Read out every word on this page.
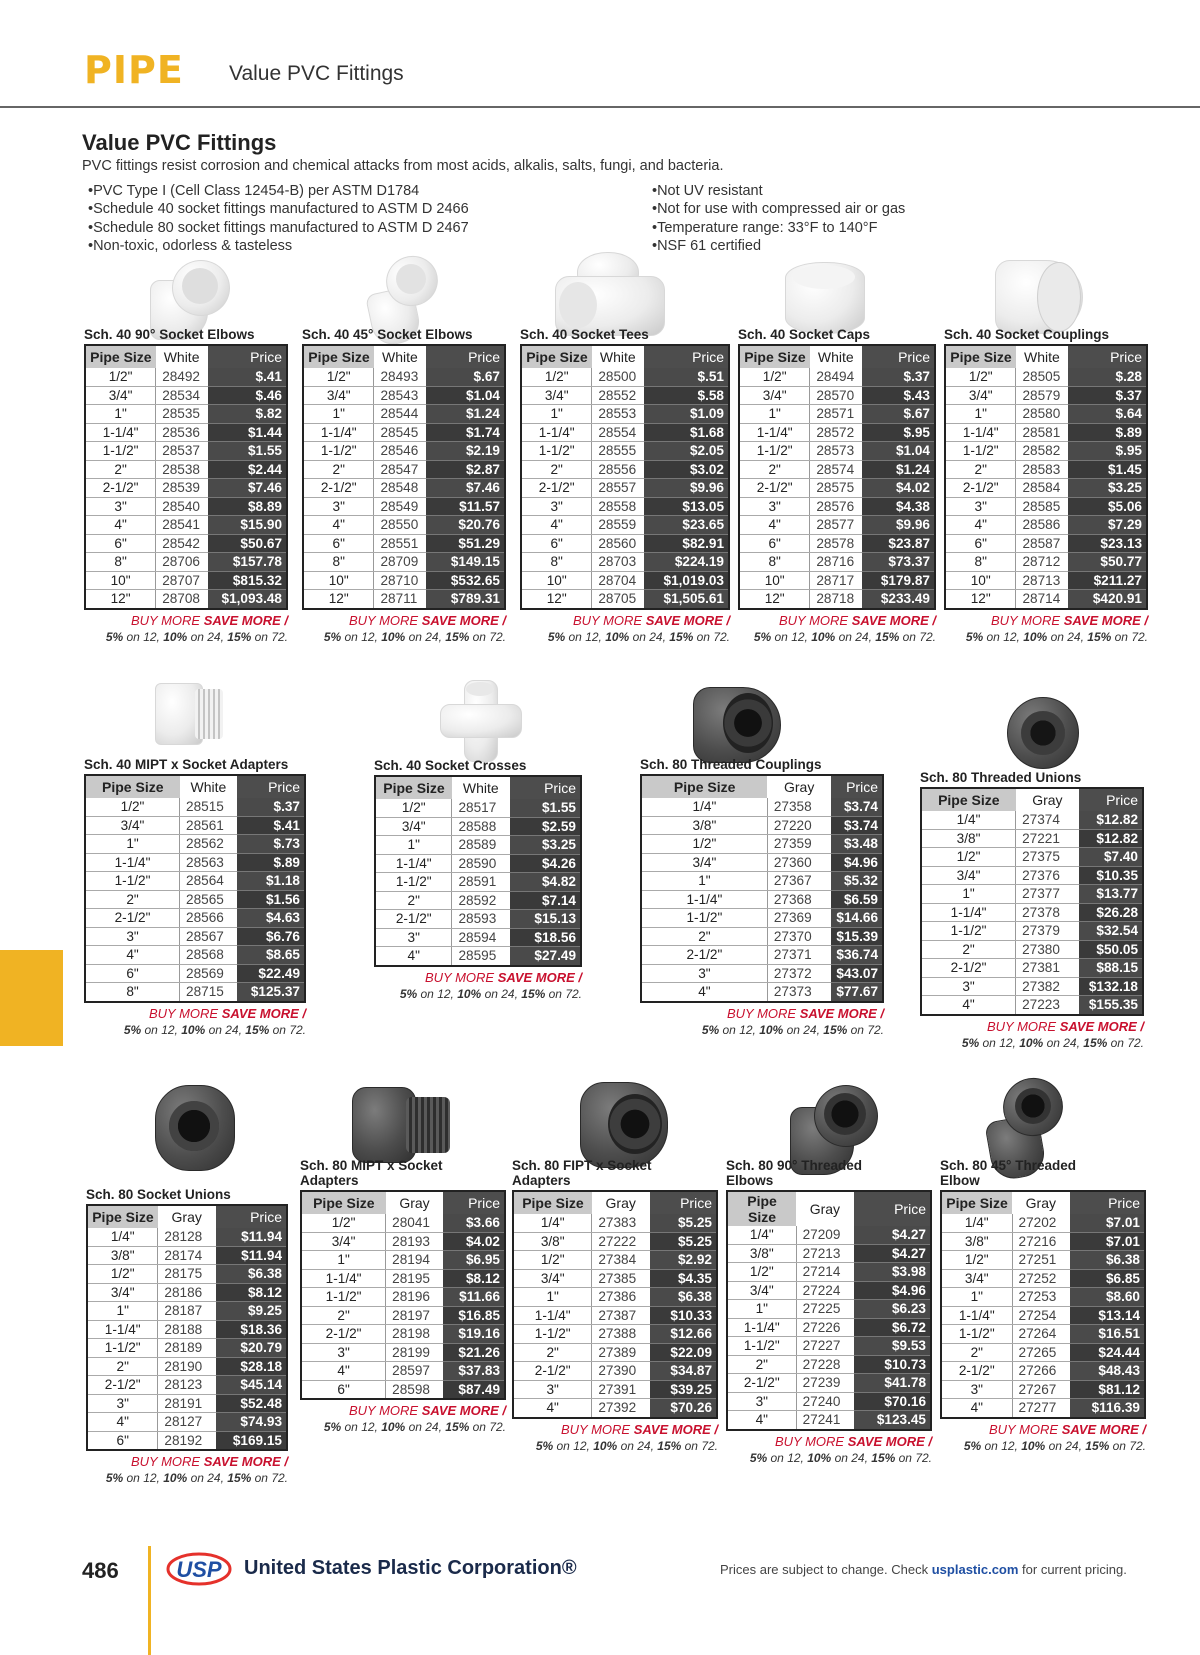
PIPE Value PVC Fittings
Value PVC Fittings
PVC fittings resist corrosion and chemical attacks from most acids, alkalis, salts, fungi, and bacteria.
• PVC Type I (Cell Class 12454-B) per ASTM D1784
• Schedule 40 socket fittings manufactured to ASTM D 2466
• Schedule 80 socket fittings manufactured to ASTM D 2467
• Non-toxic, odorless & tasteless
• Not UV resistant
• Not for use with compressed air or gas
• Temperature range: 33°F to 140°F
• NSF 61 certified
Sch. 40 90° Socket Elbows
Pipe Size	White	Price
1/2"	28492	$.41
3/4"	28534	$.46
1"	28535	$.82
1-1/4"	28536	$1.44
1-1/2"	28537	$1.55
2"	28538	$2.44
2-1/2"	28539	$7.46
3"	28540	$8.89
4"	28541	$15.90
6"	28542	$50.67
8"	28706	$157.78
10"	28707	$815.32
12"	28708	$1,093.48
BUY MORE SAVE MORE /
5% on 12, 10% on 24, 15% on 72.
Sch. 40 45° Socket Elbows
Pipe Size	White	Price
1/2"	28493	$.67
3/4"	28543	$1.04
1"	28544	$1.24
1-1/4"	28545	$1.74
1-1/2"	28546	$2.19
2"	28547	$2.87
2-1/2"	28548	$7.46
3"	28549	$11.57
4"	28550	$20.76
6"	28551	$51.29
8"	28709	$149.15
10"	28710	$532.65
12"	28711	$789.31
BUY MORE SAVE MORE /
5% on 12, 10% on 24, 15% on 72.
Sch. 40 Socket Tees
Pipe Size	White	Price
1/2"	28500	$.51
3/4"	28552	$.58
1"	28553	$1.09
1-1/4"	28554	$1.68
1-1/2"	28555	$2.05
2"	28556	$3.02
2-1/2"	28557	$9.96
3"	28558	$13.05
4"	28559	$23.65
6"	28560	$82.91
8"	28703	$224.19
10"	28704	$1,019.03
12"	28705	$1,505.61
BUY MORE SAVE MORE /
5% on 12, 10% on 24, 15% on 72.
Sch. 40 Socket Caps
Pipe Size	White	Price
1/2"	28494	$.37
3/4"	28570	$.43
1"	28571	$.67
1-1/4"	28572	$.95
1-1/2"	28573	$1.04
2"	28574	$1.24
2-1/2"	28575	$4.02
3"	28576	$4.38
4"	28577	$9.96
6"	28578	$23.87
8"	28716	$73.37
10"	28717	$179.87
12"	28718	$233.49
BUY MORE SAVE MORE /
5% on 12, 10% on 24, 15% on 72.
Sch. 40 Socket Couplings
Pipe Size	White	Price
1/2"	28505	$.28
3/4"	28579	$.37
1"	28580	$.64
1-1/4"	28581	$.89
1-1/2"	28582	$.95
2"	28583	$1.45
2-1/2"	28584	$3.25
3"	28585	$5.06
4"	28586	$7.29
6"	28587	$23.13
8"	28712	$50.77
10"	28713	$211.27
12"	28714	$420.91
BUY MORE SAVE MORE /
5% on 12, 10% on 24, 15% on 72.
Sch. 40 MIPT x Socket Adapters
Pipe Size	White	Price
1/2"	28515	$.37
3/4"	28561	$.41
1"	28562	$.73
1-1/4"	28563	$.89
1-1/2"	28564	$1.18
2"	28565	$1.56
2-1/2"	28566	$4.63
3"	28567	$6.76
4"	28568	$8.65
6"	28569	$22.49
8"	28715	$125.37
BUY MORE SAVE MORE /
5% on 12, 10% on 24, 15% on 72.
Sch. 40 Socket Crosses
Pipe Size	White	Price
1/2"	28517	$1.55
3/4"	28588	$2.59
1"	28589	$3.25
1-1/4"	28590	$4.26
1-1/2"	28591	$4.82
2"	28592	$7.14
2-1/2"	28593	$15.13
3"	28594	$18.56
4"	28595	$27.49
BUY MORE SAVE MORE /
5% on 12, 10% on 24, 15% on 72.
Sch. 80 Threaded Couplings
Pipe Size	Gray	Price
1/4"	27358	$3.74
3/8"	27220	$3.74
1/2"	27359	$3.48
3/4"	27360	$4.96
1"	27367	$5.32
1-1/4"	27368	$6.59
1-1/2"	27369	$14.66
2"	27370	$15.39
2-1/2"	27371	$36.74
3"	27372	$43.07
4"	27373	$77.67
BUY MORE SAVE MORE /
5% on 12, 10% on 24, 15% on 72.
Sch. 80 Threaded Unions
Pipe Size	Gray	Price
1/4"	27374	$12.82
3/8"	27221	$12.82
1/2"	27375	$7.40
3/4"	27376	$10.35
1"	27377	$13.77
1-1/4"	27378	$26.28
1-1/2"	27379	$32.54
2"	27380	$50.05
2-1/2"	27381	$88.15
3"	27382	$132.18
4"	27223	$155.35
BUY MORE SAVE MORE /
5% on 12, 10% on 24, 15% on 72.
Sch. 80 Socket Unions
Pipe Size	Gray	Price
1/4"	28128	$11.94
3/8"	28174	$11.94
1/2"	28175	$6.38
3/4"	28186	$8.12
1"	28187	$9.25
1-1/4"	28188	$18.36
1-1/2"	28189	$20.79
2"	28190	$28.18
2-1/2"	28123	$45.14
3"	28191	$52.48
4"	28127	$74.93
6"	28192	$169.15
BUY MORE SAVE MORE /
5% on 12, 10% on 24, 15% on 72.
Sch. 80 MIPT x Socket Adapters
Pipe Size	Gray	Price
1/2"	28041	$3.66
3/4"	28193	$4.02
1"	28194	$6.95
1-1/4"	28195	$8.12
1-1/2"	28196	$11.66
2"	28197	$16.85
2-1/2"	28198	$19.16
3"	28199	$21.26
4"	28597	$37.83
6"	28598	$87.49
BUY MORE SAVE MORE /
5% on 12, 10% on 24, 15% on 72.
Sch. 80 FIPT x Socket Adapters
Pipe Size	Gray	Price
1/4"	27383	$5.25
3/8"	27222	$5.25
1/2"	27384	$2.92
3/4"	27385	$4.35
1"	27386	$6.38
1-1/4"	27387	$10.33
1-1/2"	27388	$12.66
2"	27389	$22.09
2-1/2"	27390	$34.87
3"	27391	$39.25
4"	27392	$70.26
BUY MORE SAVE MORE /
5% on 12, 10% on 24, 15% on 72.
Sch. 80 90° Threaded Elbows
Pipe Size	Gray	Price
1/4"	27209	$4.27
3/8"	27213	$4.27
1/2"	27214	$3.98
3/4"	27224	$4.96
1"	27225	$6.23
1-1/4"	27226	$6.72
1-1/2"	27227	$9.53
2"	27228	$10.73
2-1/2"	27239	$41.78
3"	27240	$70.16
4"	27241	$123.45
BUY MORE SAVE MORE /
5% on 12, 10% on 24, 15% on 72.
Sch. 80 45° Threaded Elbow
Pipe Size	Gray	Price
1/4"	27202	$7.01
3/8"	27216	$7.01
1/2"	27251	$6.38
3/4"	27252	$6.85
1"	27253	$8.60
1-1/4"	27254	$13.14
1-1/2"	27264	$16.51
2"	27265	$24.44
2-1/2"	27266	$48.43
3"	27267	$81.12
4"	27277	$116.39
BUY MORE SAVE MORE /
5% on 12, 10% on 24, 15% on 72.
486	USP United States Plastic Corporation®	Prices are subject to change. Check usplastic.com for current pricing.
